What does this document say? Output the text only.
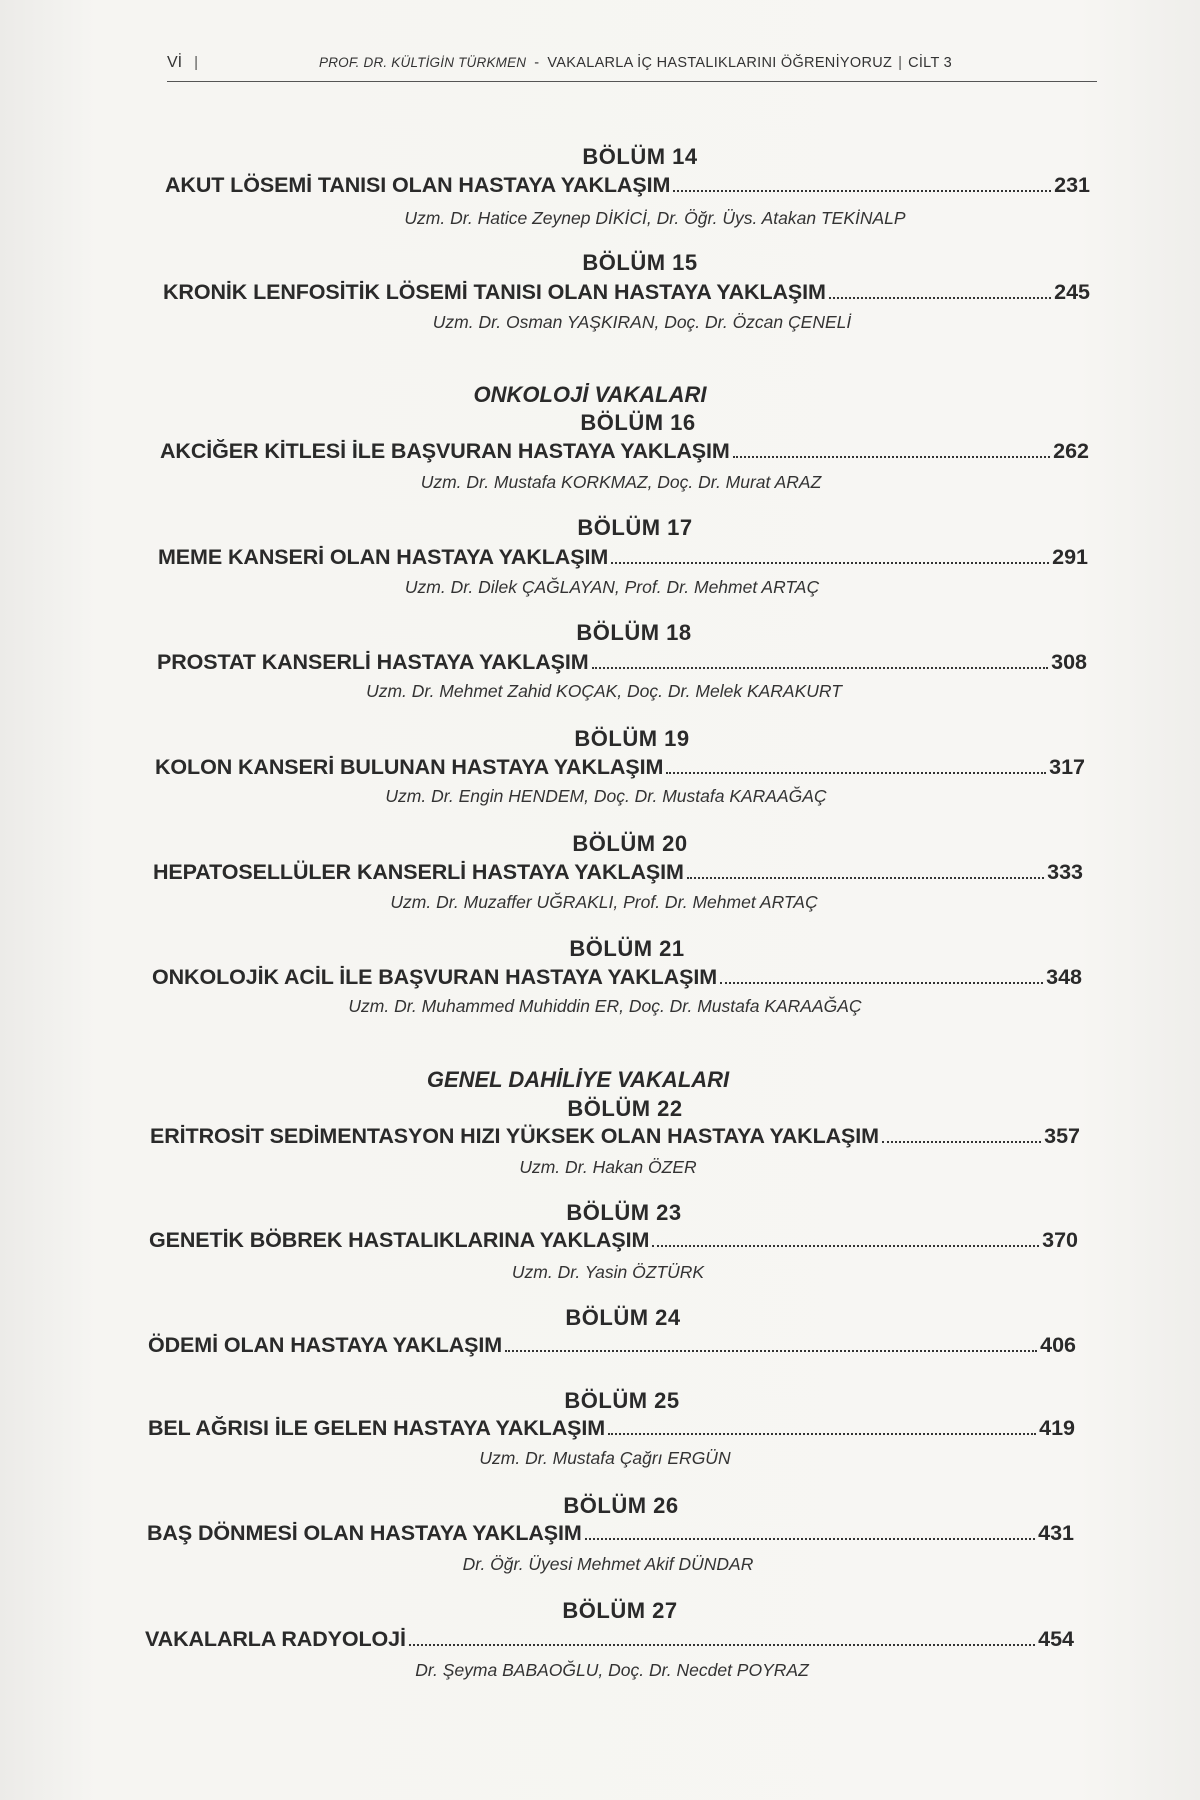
Vİ |	PROF. DR. KÜLTİGİN TÜRKMEN - VAKALARLA İÇ HASTALIKLARINI ÖĞRENİYORUZ | CİLT 3
ONKOLOJİ VAKALARI
GENEL DAHİLİYE VAKALARI
BÖLÜM 14
AKUT LÖSEMİ TANISI OLAN HASTAYA YAKLAŞIM	231
Uzm. Dr. Hatice Zeynep DİKİCİ, Dr. Öğr. Üys. Atakan TEKİNALP
BÖLÜM 15
KRONİK LENFOSİTİK LÖSEMİ TANISI OLAN HASTAYA YAKLAŞIM	245
Uzm. Dr. Osman YAŞKIRAN, Doç. Dr. Özcan ÇENELİ
BÖLÜM 16
AKCİĞER KİTLESİ İLE BAŞVURAN HASTAYA YAKLAŞIM	262
Uzm. Dr. Mustafa KORKMAZ, Doç. Dr. Murat ARAZ
BÖLÜM 17
MEME KANSERİ OLAN HASTAYA YAKLAŞIM	291
Uzm. Dr. Dilek ÇAĞLAYAN, Prof. Dr. Mehmet ARTAÇ
BÖLÜM 18
PROSTAT KANSERLİ HASTAYA YAKLAŞIM	308
Uzm. Dr. Mehmet Zahid KOÇAK, Doç. Dr. Melek KARAKURT
BÖLÜM 19
KOLON KANSERİ BULUNAN HASTAYA YAKLAŞIM	317
Uzm. Dr. Engin HENDEM, Doç. Dr. Mustafa KARAAĞAÇ
BÖLÜM 20
HEPATOSELLÜLER KANSERLİ HASTAYA YAKLAŞIM	333
Uzm. Dr. Muzaffer UĞRAKLI, Prof. Dr. Mehmet ARTAÇ
BÖLÜM 21
ONKOLOJİK ACİL İLE BAŞVURAN HASTAYA YAKLAŞIM	348
Uzm. Dr. Muhammed Muhiddin ER, Doç. Dr. Mustafa KARAAĞAÇ
BÖLÜM 22
ERİTROSİT SEDİMENTASYON HIZI YÜKSEK OLAN HASTAYA YAKLAŞIM	357
Uzm. Dr. Hakan ÖZER
BÖLÜM 23
GENETİK BÖBREK HASTALIKLARINA YAKLAŞIM	370
Uzm. Dr. Yasin ÖZTÜRK
BÖLÜM 24
ÖDEMİ OLAN HASTAYA YAKLAŞIM	406
BÖLÜM 25
BEL AĞRISI İLE GELEN HASTAYA YAKLAŞIM	419
Uzm. Dr. Mustafa Çağrı ERGÜN
BÖLÜM 26
BAŞ DÖNMESİ OLAN HASTAYA YAKLAŞIM	431
Dr. Öğr. Üyesi Mehmet Akif DÜNDAR
BÖLÜM 27
VAKALARLA RADYOLOJİ	454
Dr. Şeyma BABAOĞLU, Doç. Dr. Necdet POYRAZ
